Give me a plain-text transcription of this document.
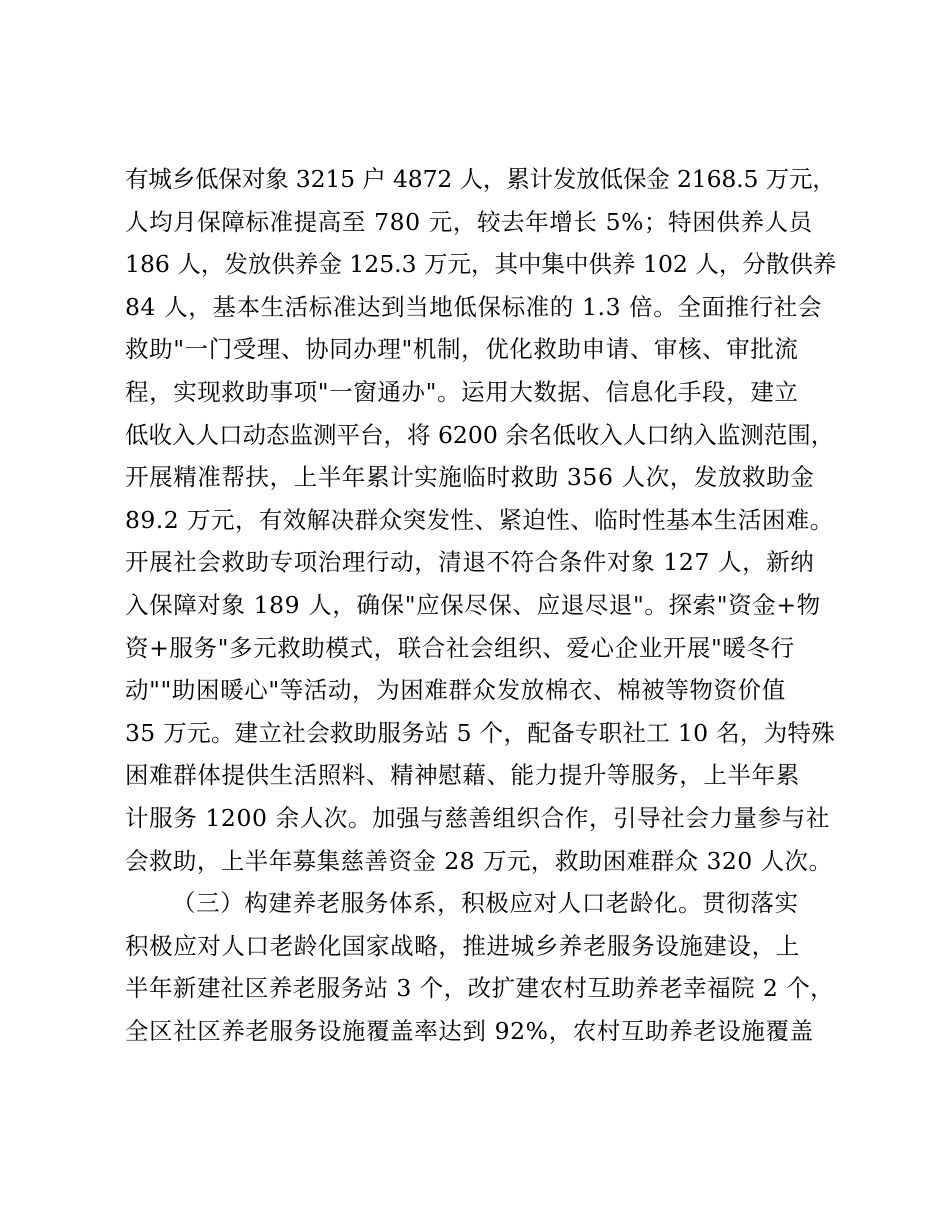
有城乡低保对象 3215 户 4872 人，累计发放低保金 2168.5 万元，
人均月保障标准提高至 780 元，较去年增长 5%；特困供养人员
186 人，发放供养金 125.3 万元，其中集中供养 102 人，分散供养
84 人，基本生活标准达到当地低保标准的 1.3 倍。全面推行社会
救助"一门受理、协同办理"机制，优化救助申请、审核、审批流
程，实现救助事项"一窗通办"。运用大数据、信息化手段，建立
低收入人口动态监测平台，将 6200 余名低收入人口纳入监测范围，
开展精准帮扶，上半年累计实施临时救助 356 人次，发放救助金
89.2 万元，有效解决群众突发性、紧迫性、临时性基本生活困难。
开展社会救助专项治理行动，清退不符合条件对象 127 人，新纳
入保障对象 189 人，确保"应保尽保、应退尽退"。探索"资金+物
资+服务"多元救助模式，联合社会组织、爱心企业开展"暖冬行
动""助困暖心"等活动，为困难群众发放棉衣、棉被等物资价值
35 万元。建立社会救助服务站 5 个，配备专职社工 10 名，为特殊
困难群体提供生活照料、精神慰藉、能力提升等服务，上半年累
计服务 1200 余人次。加强与慈善组织合作，引导社会力量参与社
会救助，上半年募集慈善资金 28 万元，救助困难群众 320 人次。
（三）构建养老服务体系，积极应对人口老龄化。贯彻落实
积极应对人口老龄化国家战略，推进城乡养老服务设施建设，上
半年新建社区养老服务站 3 个，改扩建农村互助养老幸福院 2 个，
全区社区养老服务设施覆盖率达到 92%，农村互助养老设施覆盖
